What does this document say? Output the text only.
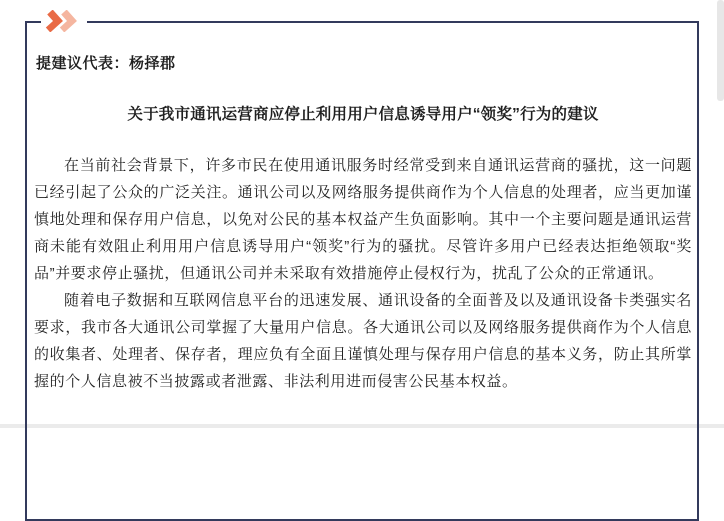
提建议代表：杨择郡
关于我市通讯运营商应停止利用用户信息诱导用户“领奖”行为的建议

在当前社会背景下，许多市民在使用通讯服务时经常受到来自通讯运营商的骚扰，这一问题已经引起了公众的广泛关注。通讯公司以及网络服务提供商作为个人信息的处理者，应当更加谨慎地处理和保存用户信息，以免对公民的基本权益产生负面影响。其中一个主要问题是通讯运营商未能有效阻止利用用户信息诱导用户“领奖”行为的骚扰。尽管许多用户已经表达拒绝领取“奖品”并要求停止骚扰，但通讯公司并未采取有效措施停止侵权行为，扰乱了公众的正常通讯。

随着电子数据和互联网信息平台的迅速发展、通讯设备的全面普及以及通讯设备卡类强实名要求，我市各大通讯公司掌握了大量用户信息。各大通讯公司以及网络服务提供商作为个人信息的收集者、处理者、保存者，理应负有全面且谨慎处理与保存用户信息的基本义务，防止其所掌握的个人信息被不当披露或者泄露、非法利用进而侵害公民基本权益。
